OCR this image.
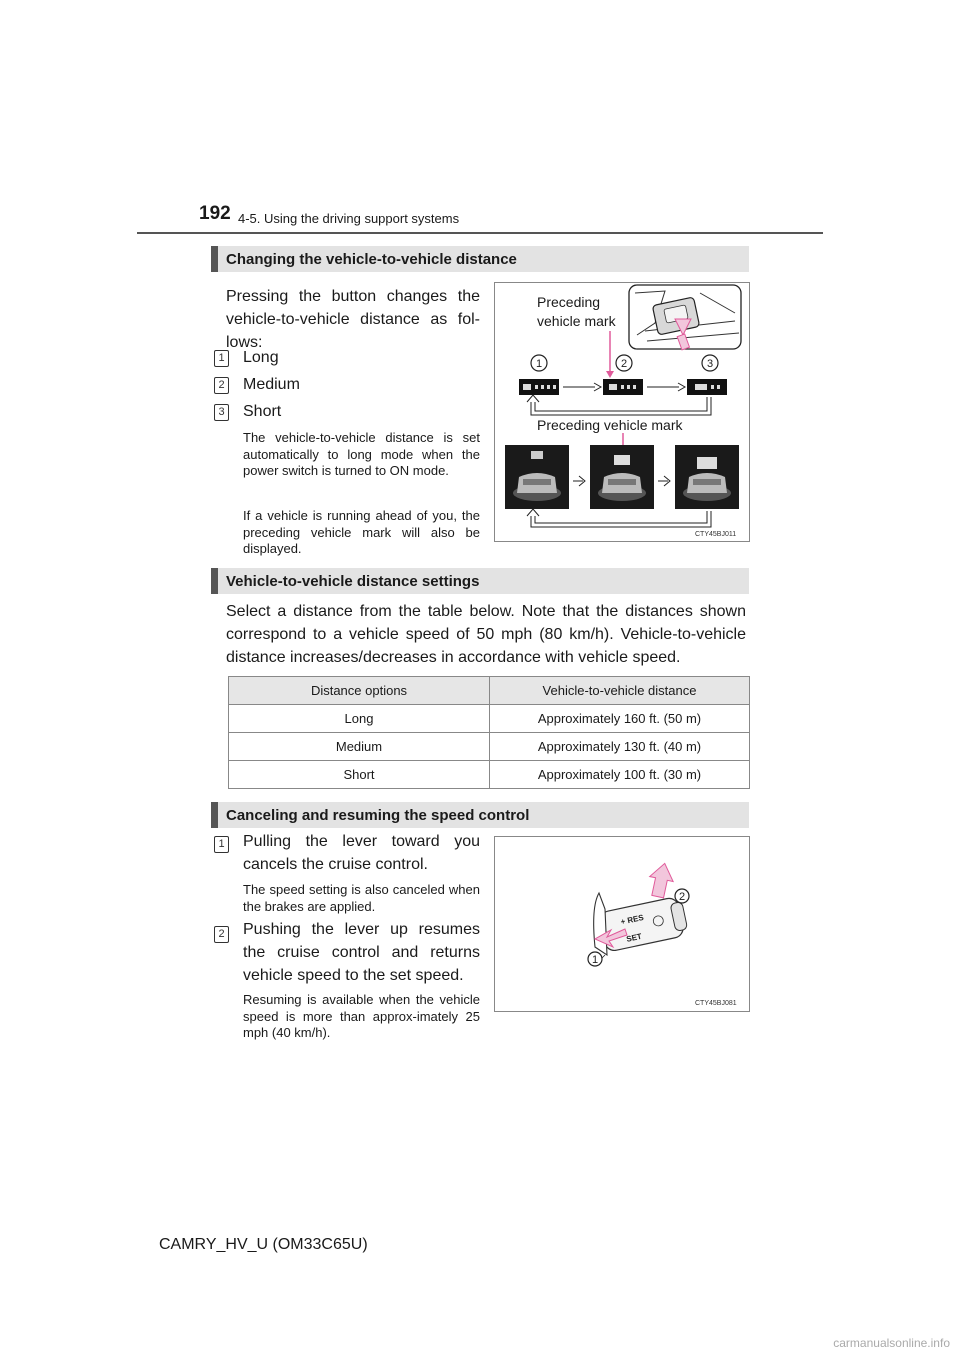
192 4-5. Using the driving support systems
Changing the vehicle-to-vehicle distance
Pressing the button changes the vehicle-to-vehicle distance as fol-lows:
1 Long
2 Medium
3 Short
The vehicle-to-vehicle distance is set automatically to long mode when the power switch is turned to ON mode.
If a vehicle is running ahead of you, the preceding vehicle mark will also be displayed.
1	2	3
Preceding vehicle mark
Preceding vehicle mark
CTY45BJ011
Vehicle-to-vehicle distance settings
Select a distance from the table below. Note that the distances shown correspond to a vehicle speed of 50 mph (80 km/h). Vehicle-to-vehicle distance increases/decreases in accordance with vehicle speed.
Distance options	Vehicle-to-vehicle distance
Long	Approximately 160 ft. (50 m)
Medium	Approximately 130 ft. (40 m)
Short	Approximately 100 ft. (30 m)
Canceling and resuming the speed control
1 Pulling the lever toward you cancels the cruise control.
The speed setting is also canceled when the brakes are applied.
2 Pushing the lever up resumes the cruise control and returns vehicle speed to the set speed.
Resuming is available when the vehicle speed is more than approx-imately 25 mph (40 km/h).
+ RES
SET
1
2
CTY45BJ081
CAMRY_HV_U (OM33C65U)
carmanualsonline.info
